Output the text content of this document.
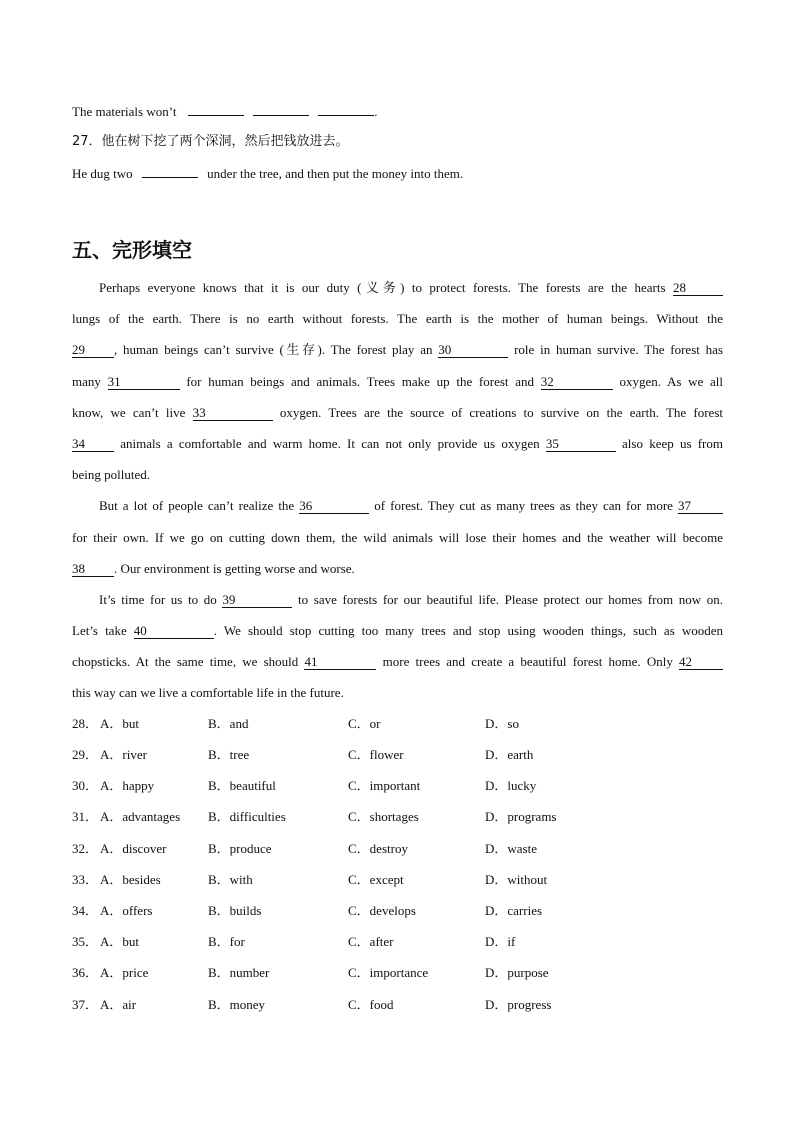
The materials won’t	.
27．他在树下挖了两个深洞，然后把钱放进去。
He dug two	under the tree, and then put the money into them.
五、完形填空
Perhaps everyone knows that it is our duty (义务) to protect forests. The forests are the hearts 28
lungs of the earth. There is no earth without forests. The earth is the mother of human beings. Without the
29 , human beings can’t survive (生存). The forest play an 30	role in human survive. The forest has
many 31	for human beings and animals. Trees make up the forest and 32	oxygen. As we all
know, we can’t live 33	oxygen. Trees are the source of creations to survive on the earth. The forest
34 animals a comfortable and warm home. It can not only provide us oxygen 35	also keep us from
being polluted.
But a lot of people can’t realize the 36	of forest. They cut as many trees as they can for more 37
for their own. If we go on cutting down them, the wild animals will lose their homes and the weather will become
38 . Our environment is getting worse and worse.
It’s time for us to do 39	to save forests for our beautiful life. Please protect our homes from now on.
Let’s take 40	. We should stop cutting too many trees and stop using wooden things, such as wooden
chopsticks. At the same time, we should 41	more trees and create a beautiful forest home. Only 42
this way can we live a comfortable life in the future.
28． A．but	B．and	C．or	D．so
29． A．river	B．tree	C．flower	D．earth
30． A．happy	B．beautiful	C．important	D．lucky
31． A．advantages B．difficulties	C．shortages	D．programs
32． A．discover	B．produce	C．destroy	D．waste
33． A．besides	B．with	C．except	D．without
34． A．offers	B．builds	C．develops	D．carries
35． A．but	B．for	C．after	D．if
36． A．price	B．number	C．importance	D．purpose
37． A．air	B．money	C．food	D．progress
